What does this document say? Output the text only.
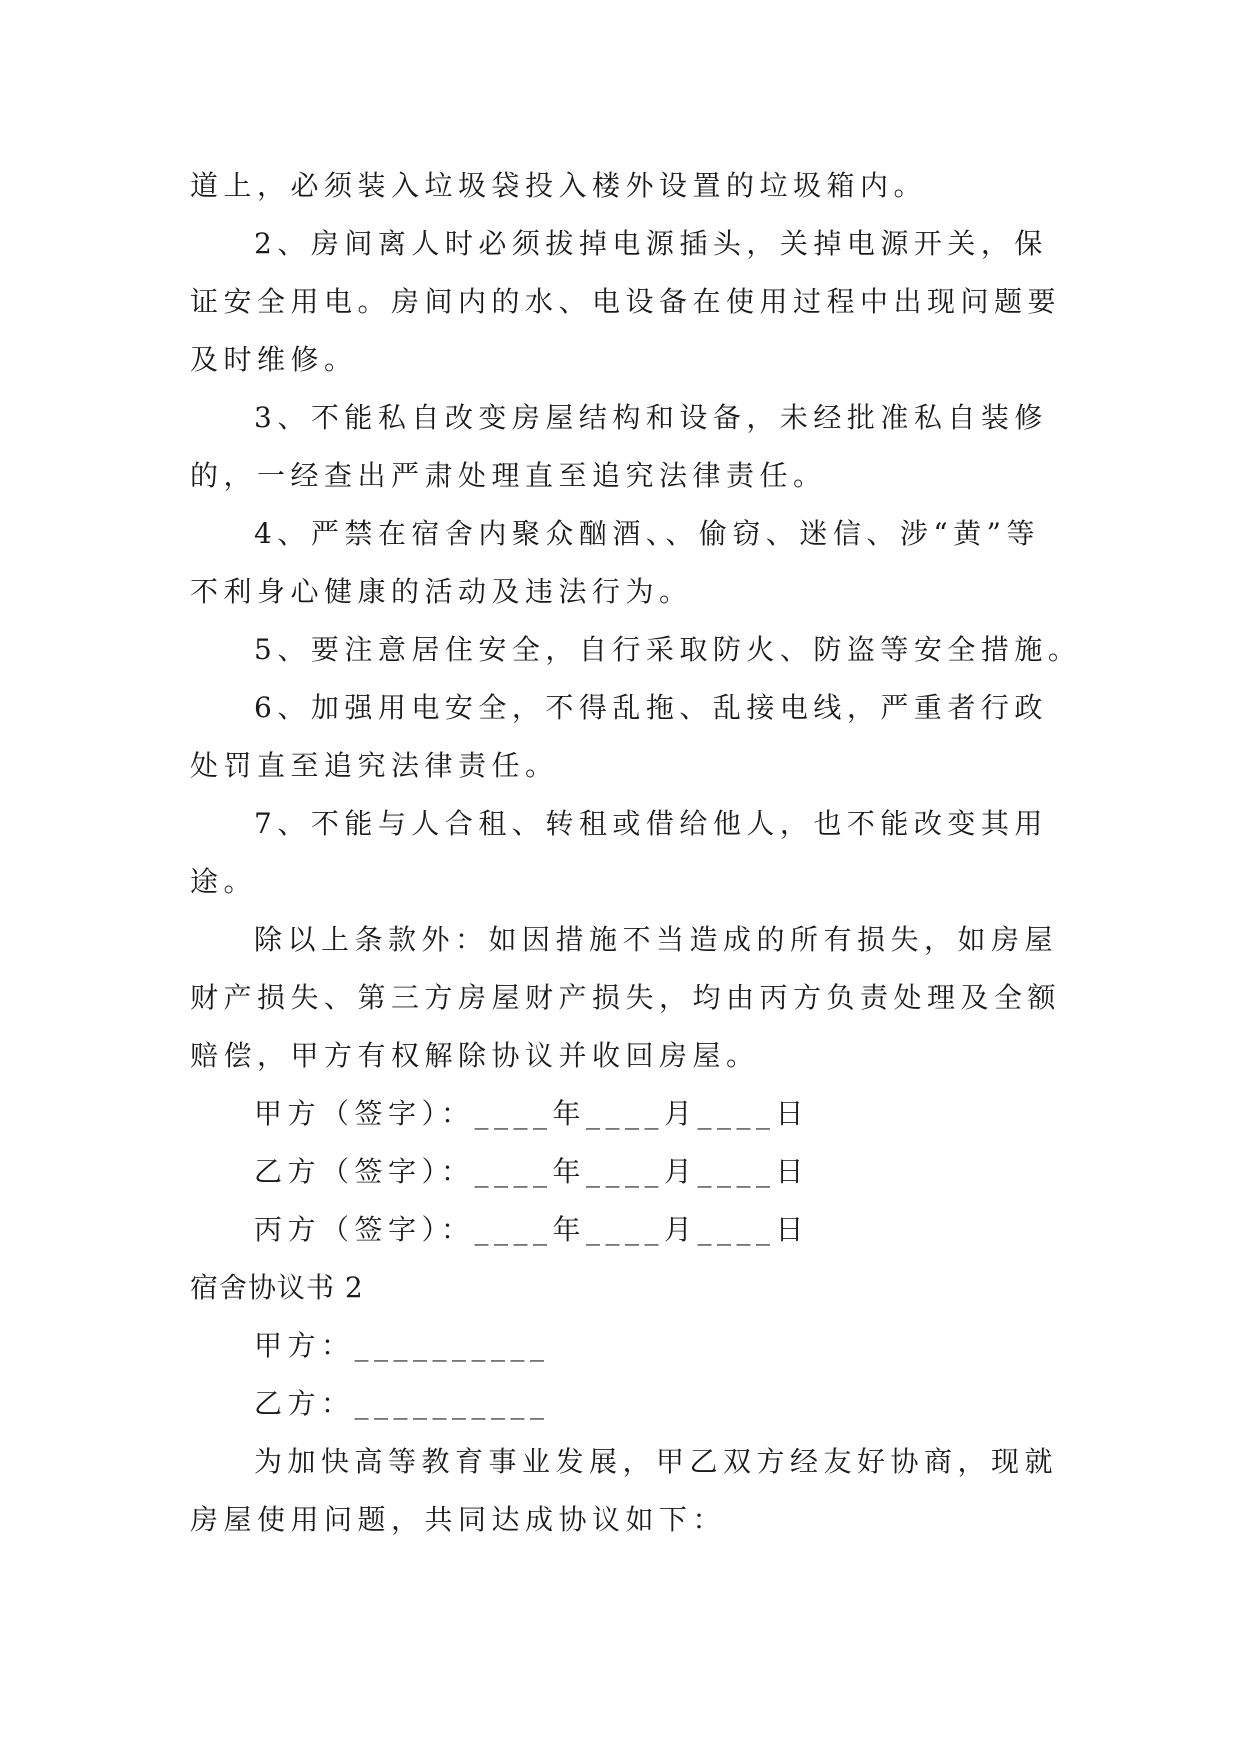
道上，必须装入垃圾袋投入楼外设置的垃圾箱内。
2、房间离人时必须拔掉电源插头，关掉电源开关，保
证安全用电。房间内的水、电设备在使用过程中出现问题要
及时维修。
3、不能私自改变房屋结构和设备，未经批准私自装修
的，一经查出严肃处理直至追究法律责任。
4、严禁在宿舍内聚众酗酒、、偷窃、迷信、涉“黄”等
不利身心健康的活动及违法行为。
5、要注意居住安全，自行采取防火、防盗等安全措施。
6、加强用电安全，不得乱拖、乱接电线，严重者行政
处罚直至追究法律责任。
7、不能与人合租、转租或借给他人，也不能改变其用
途。
除以上条款外：如因措施不当造成的所有损失，如房屋
财产损失、第三方房屋财产损失，均由丙方负责处理及全额
赔偿，甲方有权解除协议并收回房屋。
甲方（签字）：____年____月____日
乙方（签字）：____年____月____日
丙方（签字）：____年____月____日
宿舍协议书 2
甲方：__________
乙方：__________
为加快高等教育事业发展，甲乙双方经友好协商，现就
房屋使用问题，共同达成协议如下：
